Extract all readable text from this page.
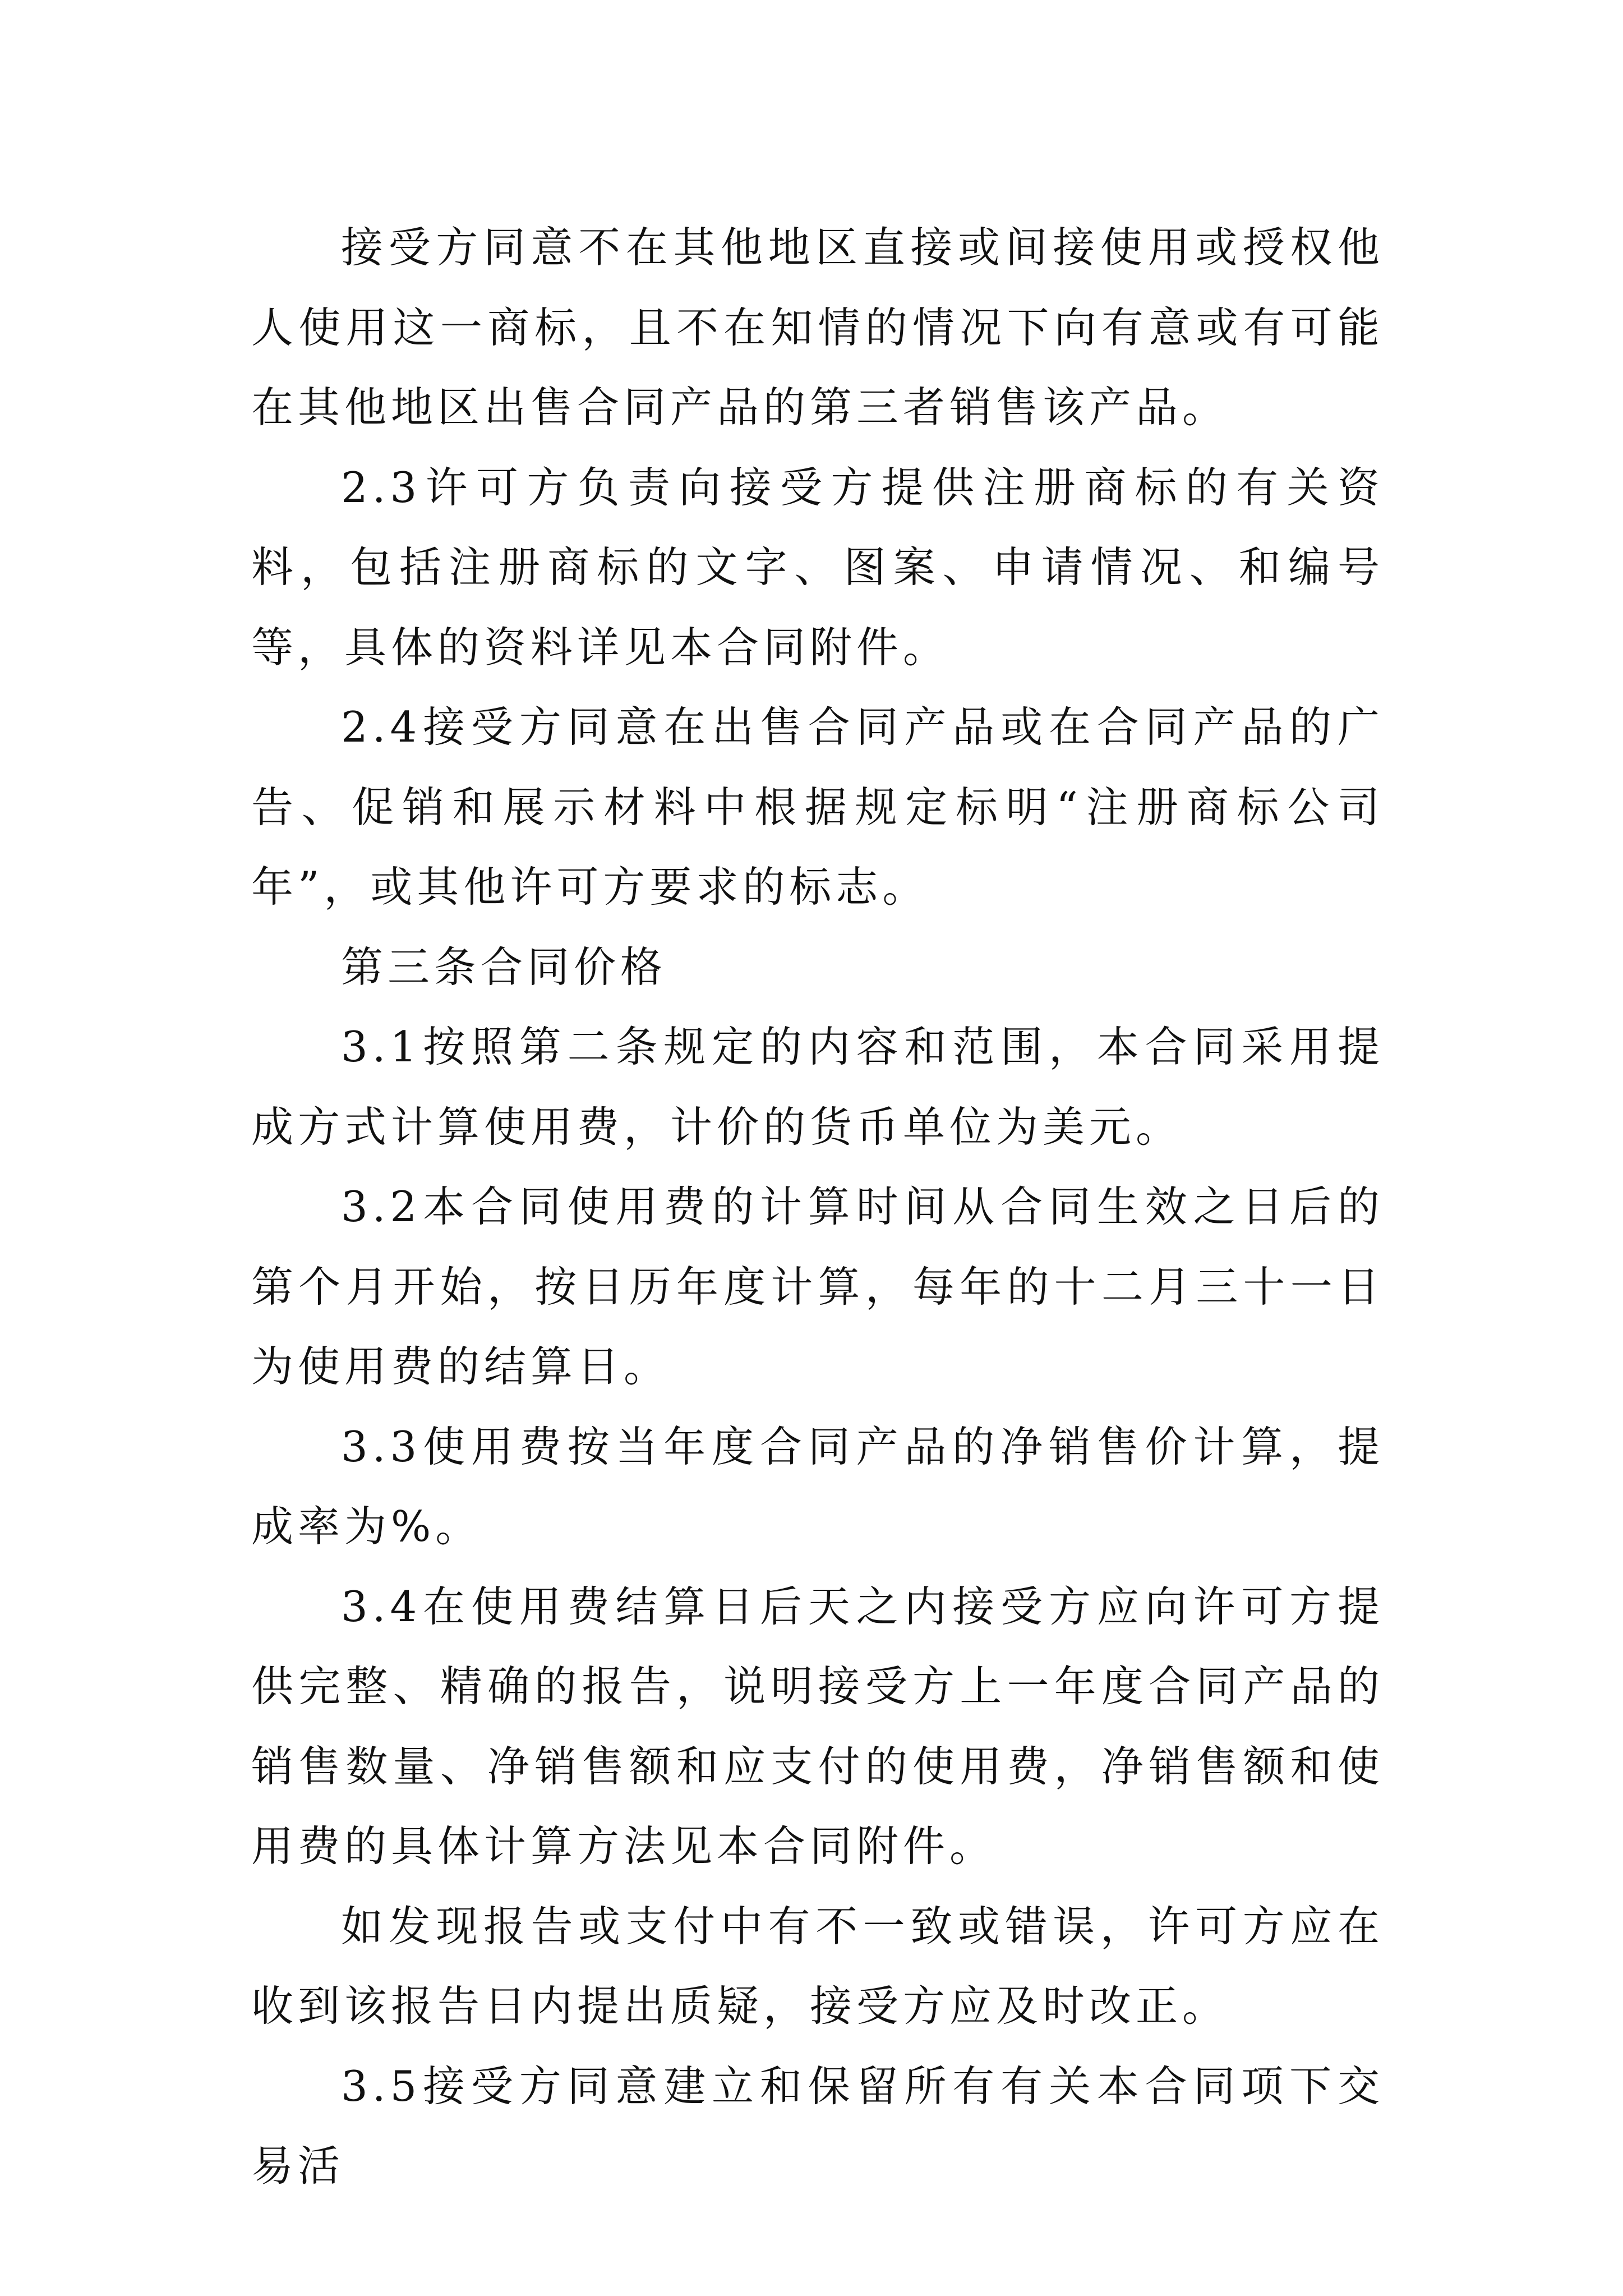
接受方同意不在其他地区直接或间接使用或授权他人使用这一商标，且不在知情的情况下向有意或有可能在其他地区出售合同产品的第三者销售该产品。

2.3许可方负责向接受方提供注册商标的有关资料，包括注册商标的文字、图案、申请情况、和编号等，具体的资料详见本合同附件。

2.4接受方同意在出售合同产品或在合同产品的广告、促销和展示材料中根据规定标明“注册商标公司年”，或其他许可方要求的标志。

第三条合同价格

3.1按照第二条规定的内容和范围，本合同采用提成方式计算使用费，计价的货币单位为美元。

3.2本合同使用费的计算时间从合同生效之日后的第个月开始，按日历年度计算，每年的十二月三十一日为使用费的结算日。

3.3使用费按当年度合同产品的净销售价计算，提成率为%。

3.4在使用费结算日后天之内接受方应向许可方提供完整、精确的报告，说明接受方上一年度合同产品的销售数量、净销售额和应支付的使用费，净销售额和使用费的具体计算方法见本合同附件。

如发现报告或支付中有不一致或错误，许可方应在收到该报告日内提出质疑，接受方应及时改正。

3.5接受方同意建立和保留所有有关本合同项下交易活
